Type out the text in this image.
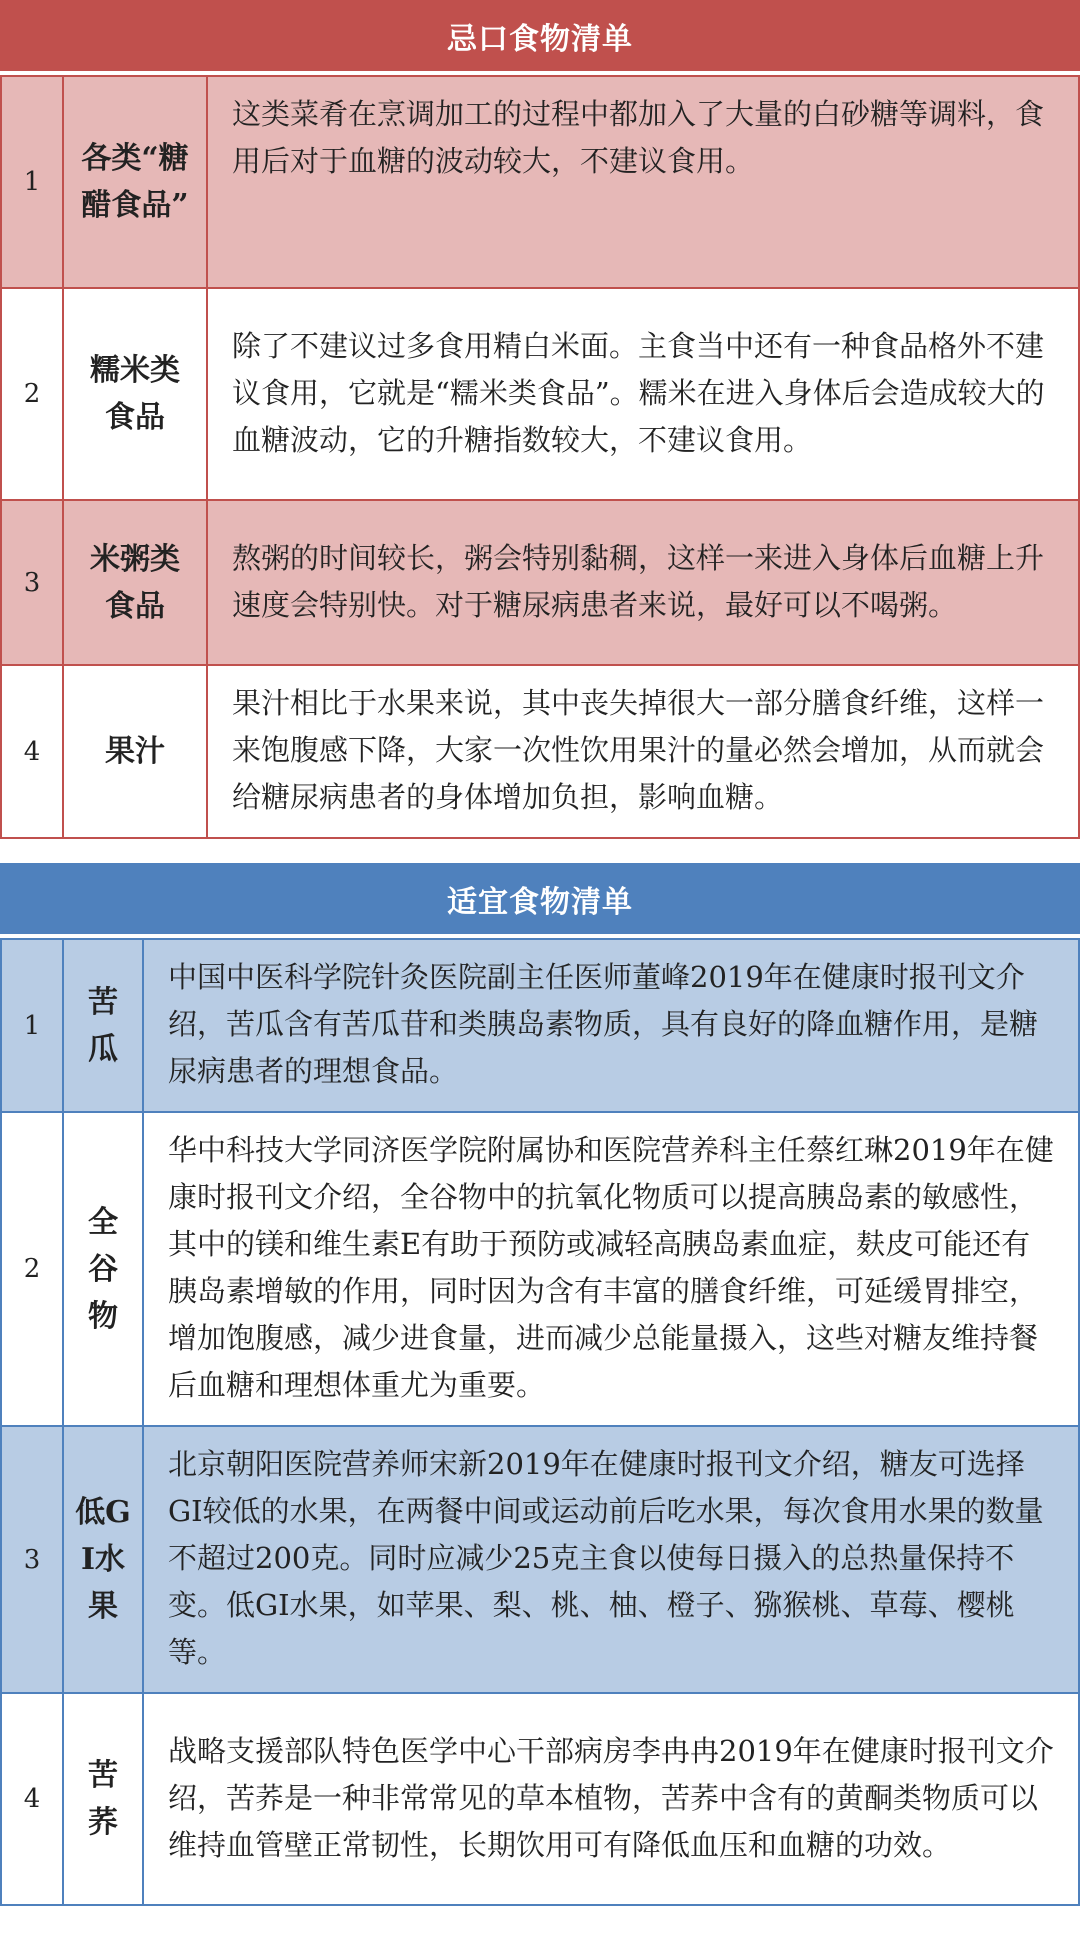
忌口食物清单
1	各类“糖醋食品”	这类菜肴在烹调加工的过程中都加入了大量的白砂糖等调料，食用后对于血糖的波动较大，不建议食用。
2	糯米类食品	除了不建议过多食用精白米面。主食当中还有一种食品格外不建议食用，它就是“糯米类食品”。糯米在进入身体后会造成较大的血糖波动，它的升糖指数较大，不建议食用。
3	米粥类食品	熬粥的时间较长，粥会特别黏稠，这样一来进入身体后血糖上升速度会特别快。对于糖尿病患者来说，最好可以不喝粥。
4	果汁	果汁相比于水果来说，其中丧失掉很大一部分膳食纤维，这样一来饱腹感下降，大家一次性饮用果汁的量必然会增加，从而就会给糖尿病患者的身体增加负担，影响血糖。
适宜食物清单
1	苦瓜	中国中医科学院针灸医院副主任医师董峰2019年在健康时报刊文介绍，苦瓜含有苦瓜苷和类胰岛素物质，具有良好的降血糖作用，是糖尿病患者的理想食品。
2	全谷物	华中科技大学同济医学院附属协和医院营养科主任蔡红琳2019年在健康时报刊文介绍，全谷物中的抗氧化物质可以提高胰岛素的敏感性，其中的镁和维生素E有助于预防或减轻高胰岛素血症，麸皮可能还有胰岛素增敏的作用，同时因为含有丰富的膳食纤维，可延缓胃排空，增加饱腹感，减少进食量，进而减少总能量摄入，这些对糖友维持餐后血糖和理想体重尤为重要。
3	低GI水果	北京朝阳医院营养师宋新2019年在健康时报刊文介绍，糖友可选择GI较低的水果，在两餐中间或运动前后吃水果，每次食用水果的数量不超过200克。同时应减少25克主食以使每日摄入的总热量保持不变。低GI水果，如苹果、梨、桃、柚、橙子、猕猴桃、草莓、樱桃等。
4	苦荞	战略支援部队特色医学中心干部病房李冉冉2019年在健康时报刊文介绍，苦荞是一种非常常见的草本植物，苦荞中含有的黄酮类物质可以维持血管壁正常韧性，长期饮用可有降低血压和血糖的功效。
